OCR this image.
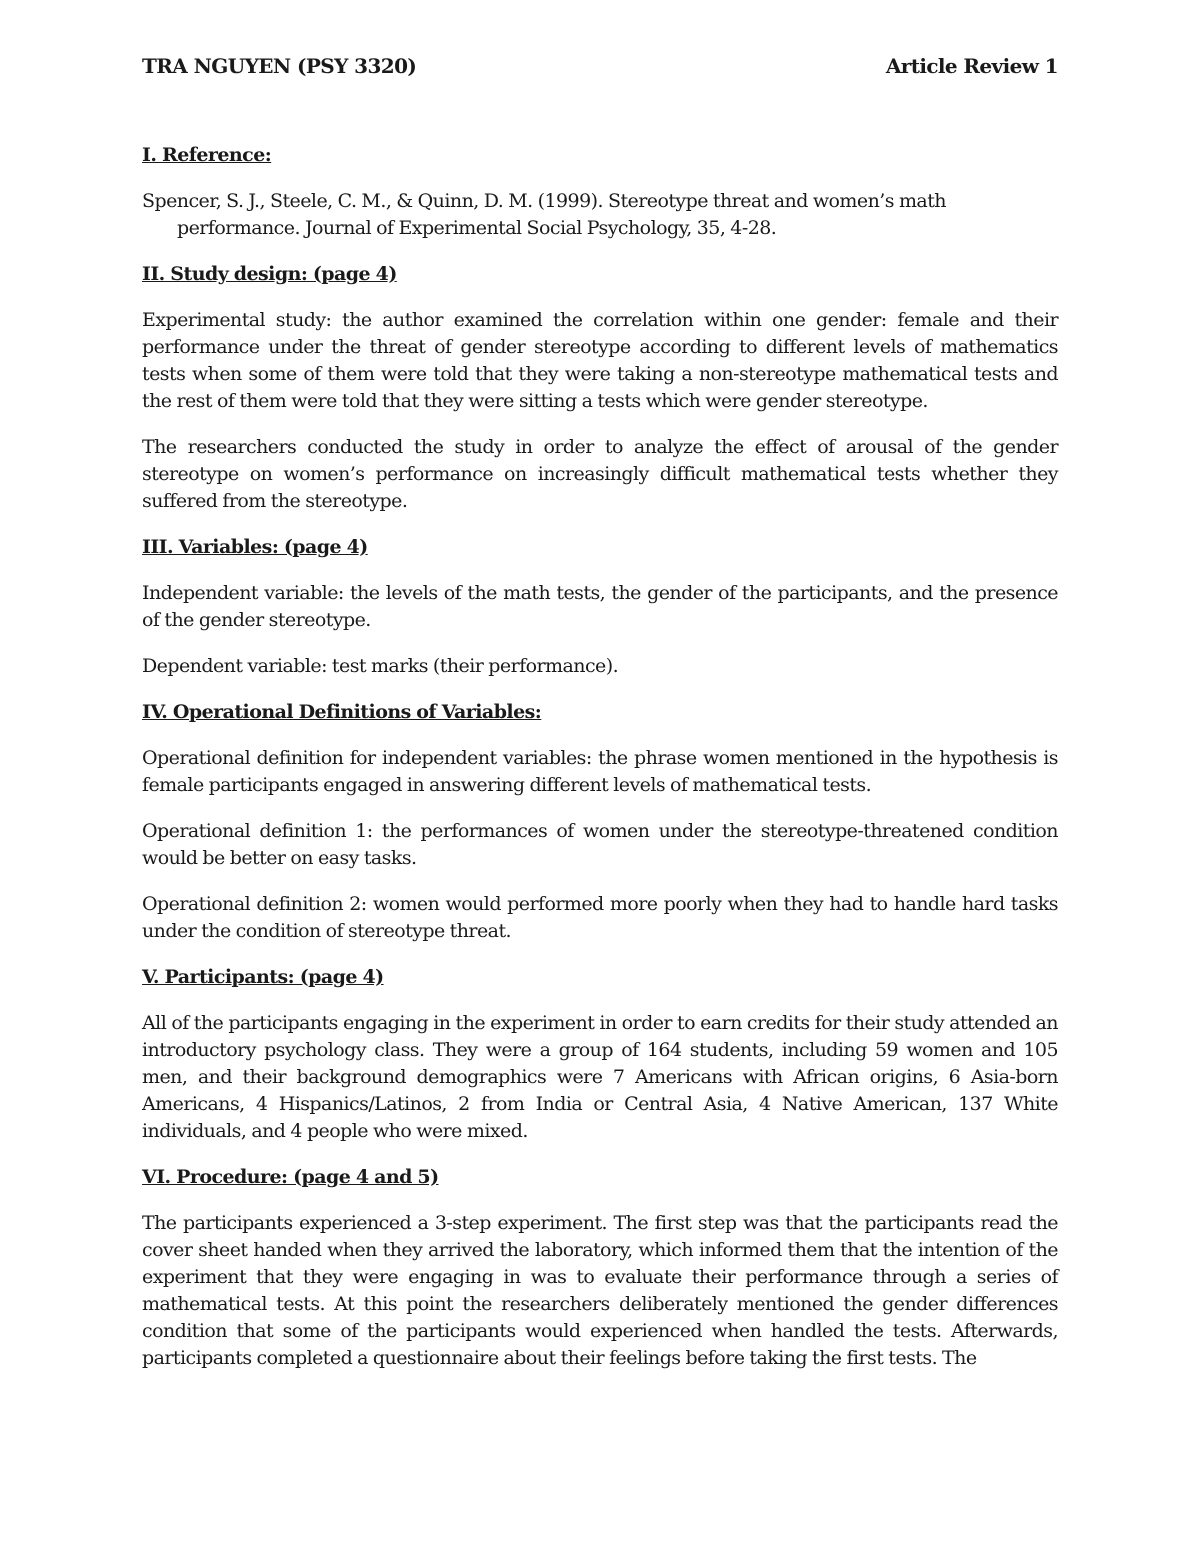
TRA NGUYEN (PSY 3320)	Article Review 1
I. Reference:

Spencer, S. J., Steele, C. M., & Quinn, D. M. (1999). Stereotype threat and women’s math performance. Journal of Experimental Social Psychology, 35, 4-28.

II. Study design: (page 4)

Experimental study: the author examined the correlation within one gender: female and their performance under the threat of gender stereotype according to different levels of mathematics tests when some of them were told that they were taking a non-stereotype mathematical tests and the rest of them were told that they were sitting a tests which were gender stereotype.

The researchers conducted the study in order to analyze the effect of arousal of the gender stereotype on women’s performance on increasingly difficult mathematical tests whether they suffered from the stereotype.

III. Variables: (page 4)

Independent variable: the levels of the math tests, the gender of the participants, and the presence of the gender stereotype.

Dependent variable: test marks (their performance).

IV. Operational Definitions of Variables:

Operational definition for independent variables: the phrase women mentioned in the hypothesis is female participants engaged in answering different levels of mathematical tests.

Operational definition 1: the performances of women under the stereotype-threatened condition would be better on easy tasks.

Operational definition 2: women would performed more poorly when they had to handle hard tasks under the condition of stereotype threat.

V. Participants: (page 4)

All of the participants engaging in the experiment in order to earn credits for their study attended an introductory psychology class. They were a group of 164 students, including 59 women and 105 men, and their background demographics were 7 Americans with African origins, 6 Asia-born Americans, 4 Hispanics/Latinos, 2 from India or Central Asia, 4 Native American, 137 White individuals, and 4 people who were mixed.

VI. Procedure: (page 4 and 5)

The participants experienced a 3-step experiment. The first step was that the participants read the cover sheet handed when they arrived the laboratory, which informed them that the intention of the experiment that they were engaging in was to evaluate their performance through a series of mathematical tests. At this point the researchers deliberately mentioned the gender differences condition that some of the participants would experienced when handled the tests. Afterwards, participants completed a questionnaire about their feelings before taking the first tests. The
